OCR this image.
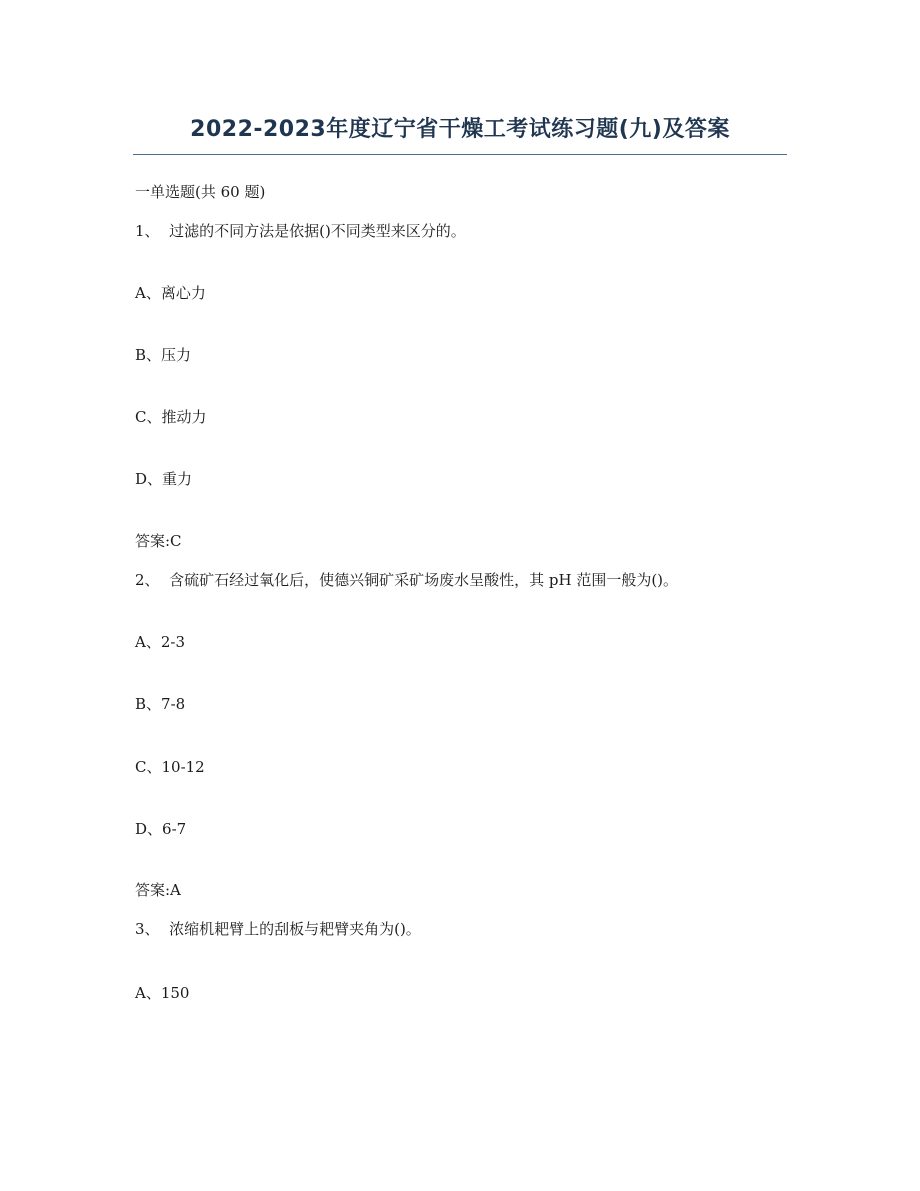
2022-2023年度辽宁省干燥工考试练习题(九)及答案
一单选题(共 60 题)
1、 过滤的不同方法是依据()不同类型来区分的。
A、离心力
B、压力
C、推动力
D、重力
答案:C
2、 含硫矿石经过氧化后，使德兴铜矿采矿场废水呈酸性，其 pH 范围一般为()。
A、2-3
B、7-8
C、10-12
D、6-7
答案:A
3、 浓缩机耙臂上的刮板与耙臂夹角为()。
A、150
